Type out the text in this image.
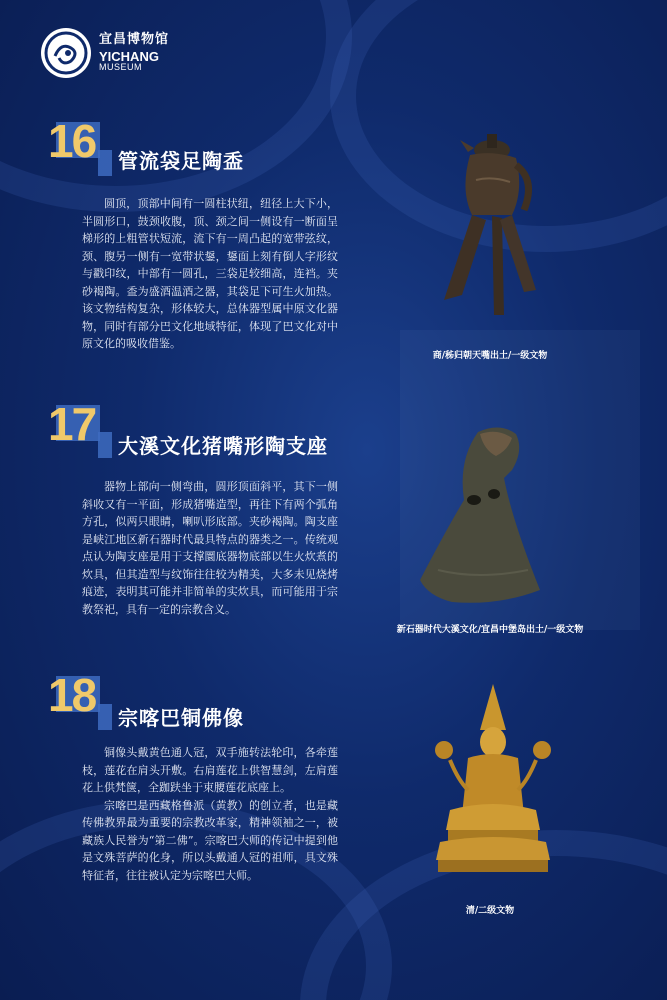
宜昌博物馆
YICHANG
MUSEUM
16 管流袋足陶盉

圆顶，顶部中间有一圆柱状纽，纽径上大下小，半圆形口，鼓颈收腹，顶、颈之间一侧设有一断面呈梯形的上粗管状短流，流下有一周凸起的宽带弦纹，颈、腹另一侧有一宽带状鋬，鋬面上刻有倒人字形纹与戳印纹，中部有一圆孔，三袋足较细高，连裆。夹砂褐陶。盉为盛酒温酒之器，其袋足下可生火加热。该文物结构复杂，形体较大，总体器型属中原文化器物，同时有部分巴文化地域特征，体现了巴文化对中原文化的吸收借鉴。

商/秭归朝天嘴出土/一级文物
17 大溪文化猪嘴形陶支座

器物上部向一侧弯曲，圆形顶面斜平，其下一侧斜收又有一平面，形成猪嘴造型，再往下有两个弧角方孔，似两只眼睛，喇叭形底部。夹砂褐陶。陶支座是峡江地区新石器时代最具特点的器类之一。传统观点认为陶支座是用于支撑圜底器物底部以生火炊煮的炊具，但其造型与纹饰往往较为精美，大多未见烧烤痕迹，表明其可能并非简单的实炊具，而可能用于宗教祭祀，具有一定的宗教含义。

新石器时代大溪文化/宜昌中堡岛出土/一级文物
18 宗喀巴铜佛像

铜像头戴黄色通人冠，双手施转法轮印，各牵莲枝，莲花在肩头开敷。右肩莲花上供智慧剑，左肩莲花上供梵箧，全跏趺坐于束腰莲花底座上。

宗喀巴是西藏格鲁派（黄教）的创立者，也是藏传佛教界最为重要的宗教改革家，精神领袖之一，被藏族人民誉为“第二佛”。宗喀巴大师的传记中提到他是文殊菩萨的化身，所以头戴通人冠的祖师，具文殊特征者，往往被认定为宗喀巴大师。

清/二级文物
